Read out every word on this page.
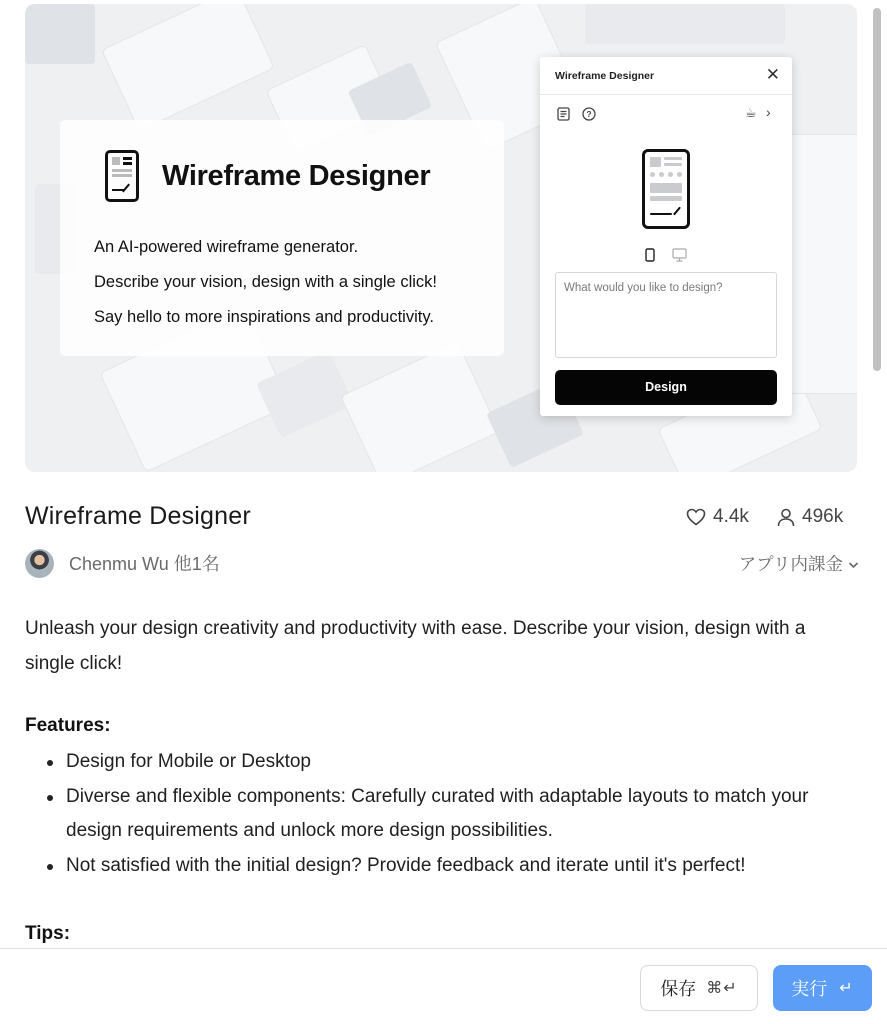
Wireframe Designer
An AI-powered wireframe generator.
Describe your vision, design with a single click!
Say hello to more inspirations and productivity.
Wireframe Designer	✕
?	☕ ›
What would you like to design?
Design
Wireframe Designer	4.4k	496k
Chenmu Wu 他1名	アプリ内課金
Unleash your design creativity and productivity with ease. Describe your vision, design with a single click!
Features:
Design for Mobile or Desktop
Diverse and flexible components: Carefully curated with adaptable layouts to match your design requirements and unlock more design possibilities.
Not satisfied with the initial design? Provide feedback and iterate until it's perfect!
Tips:
保存 ⌘↵	実行 ↵
